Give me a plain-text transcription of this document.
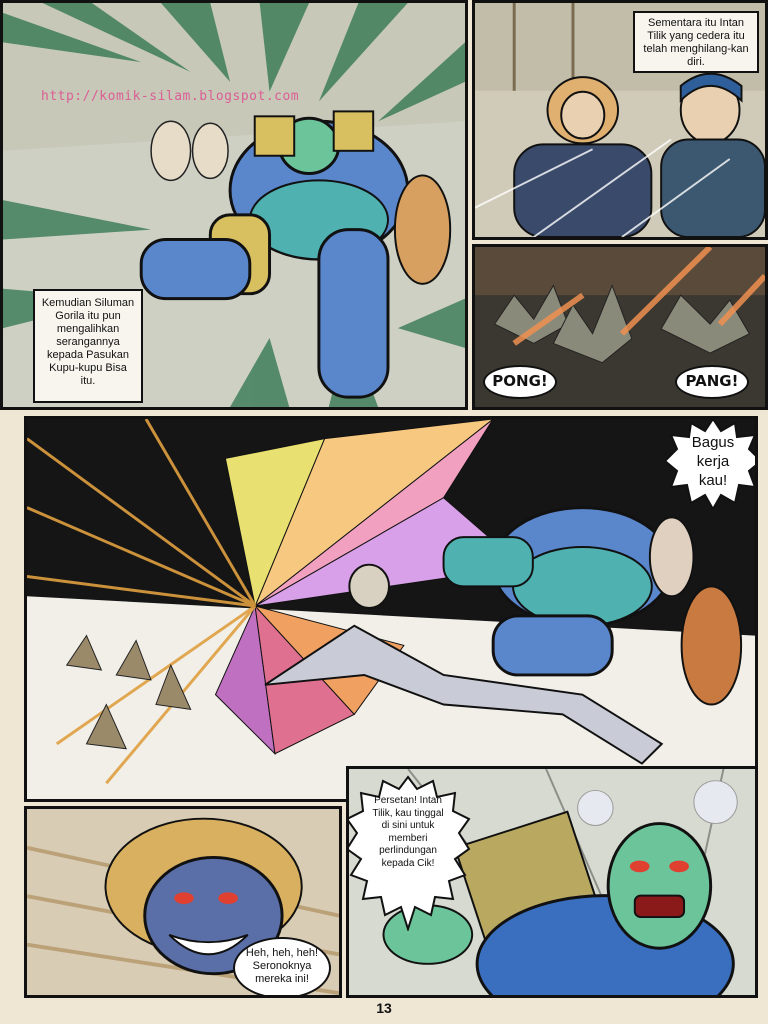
http://komik-silam.blogspot.com
Kemudian Siluman Gorila itu pun mengalihkan serangannya kepada Pasukan Kupu-kupu Bisa itu.
Sementara itu Intan Tilik yang cedera itu telah menghilang-kan diri.
PONG!	PANG!
Bagus kerja kau!
Heh, heh, heh! Seronoknya mereka ini!
Persetan! Intan Tilik, kau tinggal di sini untuk memberi perlindungan kepada Cik!
13
